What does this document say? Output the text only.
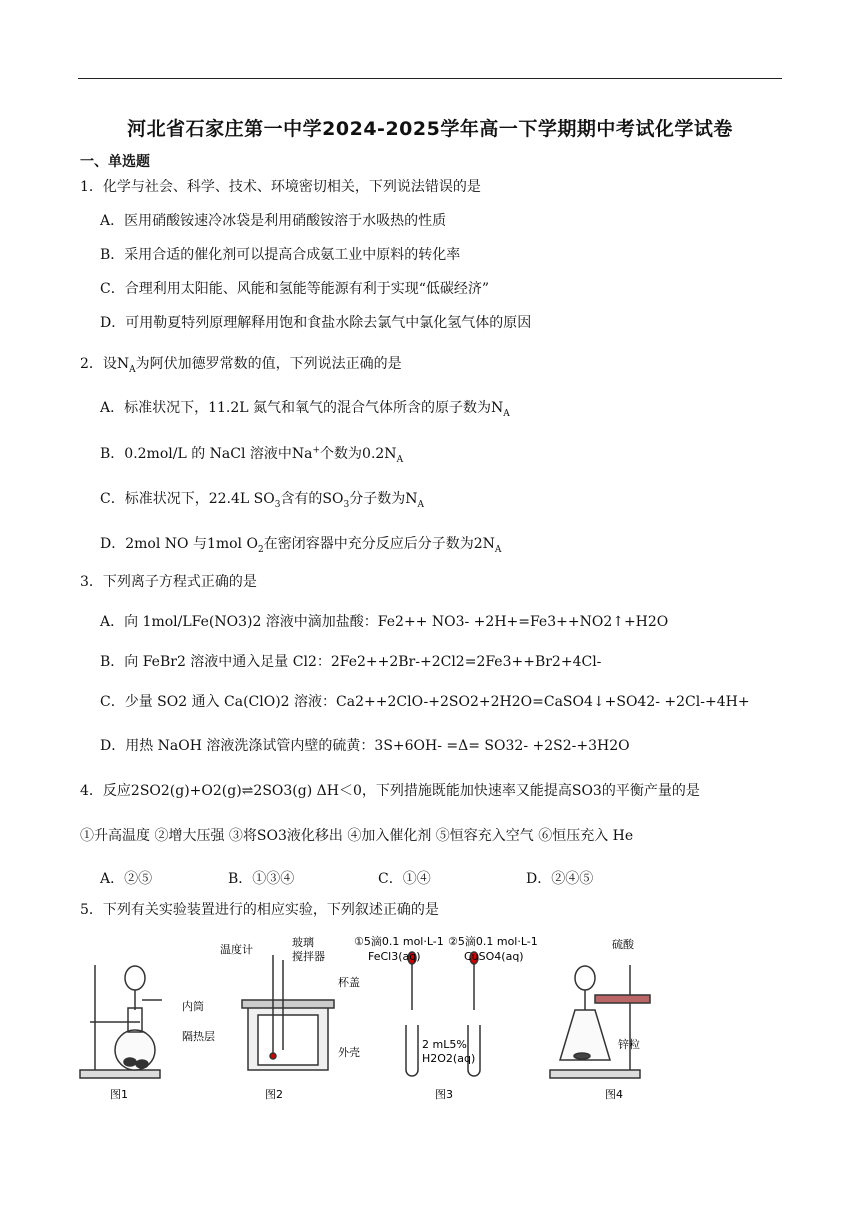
河北省石家庄第一中学2024-2025学年高一下学期期中考试化学试卷
一、单选题
1．化学与社会、科学、技术、环境密切相关，下列说法错误的是
A．医用硝酸铵速冷冰袋是利用硝酸铵溶于水吸热的性质
B．采用合适的催化剂可以提高合成氨工业中原料的转化率
C．合理利用太阳能、风能和氢能等能源有利于实现“低碳经济”
D．可用勒夏特列原理解释用饱和食盐水除去氯气中氯化氢气体的原因
2．设$N_A$为阿伏加德罗常数的值，下列说法正确的是
A．标准状况下，11.2L 氮气和氧气的混合气体所含的原子数为$N_A$
B．0.2mol/L 的 NaCl 溶液中Na+个数为$0.2N_A$
C．标准状况下，22.4L $SO_3$含有的$SO_3$分子数为$N_A$
D．2mol NO 与1mol $O_2$在密闭容器中充分反应后分子数为$2N_A$
3．下列离子方程式正确的是
A．向 1mol/LFe(NO3)2 溶液中滴加盐酸：Fe2++ NO3- +2H+=Fe3++NO2↑+H2O
B．向 FeBr2 溶液中通入足量 Cl2：2Fe2++2Br-+2Cl2=2Fe3++Br2+4Cl-
C．少量 SO2 通入 Ca(ClO)2 溶液：Ca2++2ClO-+2SO2+2H2O=CaSO4↓+SO42- +2Cl-+4H+
D．用热 NaOH 溶液洗涤试管内壁的硫黄：3S+6OH- =Δ= SO32- +2S2-+3H2O
4．反应2SO2(g)+O2(g)⇌2SO3(g) ΔH＜0，下列措施既能加快速率又能提高SO3的平衡产量的是
①升高温度 ②增大压强 ③将SO3液化移出 ④加入催化剂 ⑤恒容充入空气 ⑥恒压充入 He
A．②⑤	B．①③④	C．①④	D．②④⑤
5．下列有关实验装置进行的相应实验，下列叙述正确的是
图1	图2	图3	图4
温度计
玻璃
搅拌器
杯盖
内筒
隔热层
外壳
①5滴0.1 mol·L-1 ②5滴0.1 mol·L-1
FeCl3(aq)	CuSO4(aq)
2 mL5%
H2O2(aq)
硫酸
锌粒
